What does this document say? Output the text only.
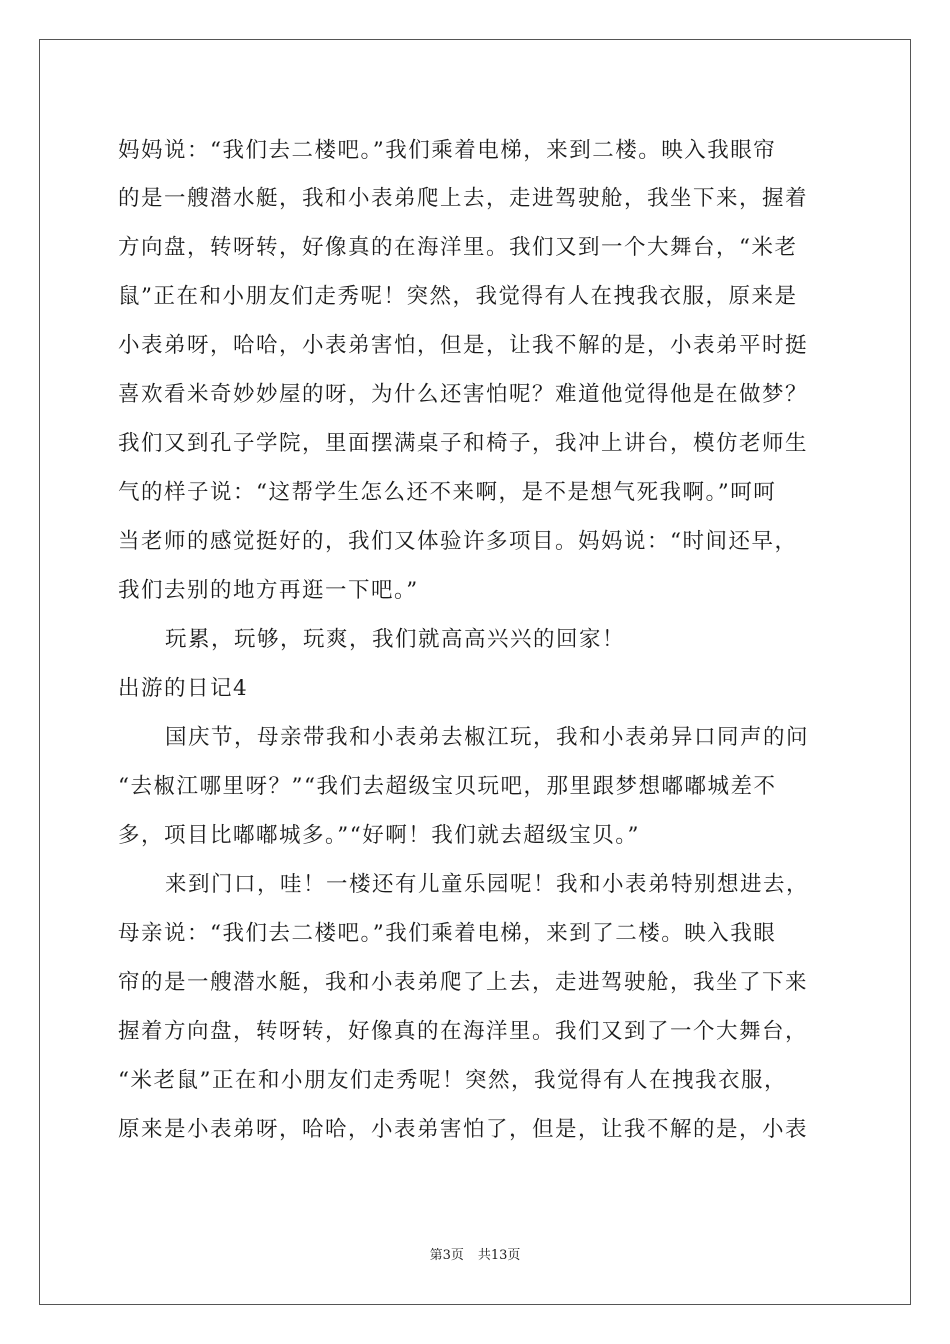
妈妈说：“我们去二楼吧。”我们乘着电梯，来到二楼。映入我眼帘
的是一艘潜水艇，我和小表弟爬上去，走进驾驶舱，我坐下来，握着
方向盘，转呀转，好像真的在海洋里。我们又到一个大舞台，“米老
鼠”正在和小朋友们走秀呢！突然，我觉得有人在拽我衣服，原来是
小表弟呀，哈哈，小表弟害怕，但是，让我不解的是，小表弟平时挺
喜欢看米奇妙妙屋的呀，为什么还害怕呢？难道他觉得他是在做梦？
我们又到孔子学院，里面摆满桌子和椅子，我冲上讲台，模仿老师生
气的样子说：“这帮学生怎么还不来啊，是不是想气死我啊。”呵呵
当老师的感觉挺好的，我们又体验许多项目。妈妈说：“时间还早，
我们去别的地方再逛一下吧。”
玩累，玩够，玩爽，我们就高高兴兴的回家！
出游的日记4
国庆节，母亲带我和小表弟去椒江玩，我和小表弟异口同声的问
“去椒江哪里呀？”“我们去超级宝贝玩吧，那里跟梦想嘟嘟城差不
多，项目比嘟嘟城多。”“好啊！我们就去超级宝贝。”
来到门口，哇！一楼还有儿童乐园呢！我和小表弟特别想进去，
母亲说：“我们去二楼吧。”我们乘着电梯，来到了二楼。映入我眼
帘的是一艘潜水艇，我和小表弟爬了上去，走进驾驶舱，我坐了下来
握着方向盘，转呀转，好像真的在海洋里。我们又到了一个大舞台，
“米老鼠”正在和小朋友们走秀呢！突然，我觉得有人在拽我衣服，
原来是小表弟呀，哈哈，小表弟害怕了，但是，让我不解的是，小表
第3页 共13页
